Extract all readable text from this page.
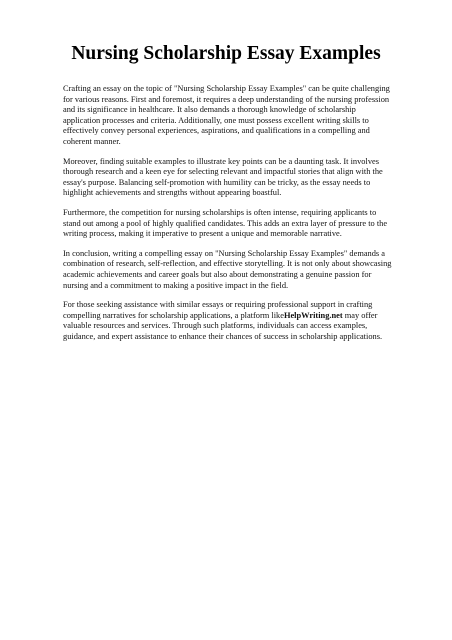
Nursing Scholarship Essay Examples

Crafting an essay on the topic of "Nursing Scholarship Essay Examples" can be quite challenging for various reasons. First and foremost, it requires a deep understanding of the nursing profession and its significance in healthcare. It also demands a thorough knowledge of scholarship application processes and criteria. Additionally, one must possess excellent writing skills to effectively convey personal experiences, aspirations, and qualifications in a compelling and coherent manner.

Moreover, finding suitable examples to illustrate key points can be a daunting task. It involves thorough research and a keen eye for selecting relevant and impactful stories that align with the essay's purpose. Balancing self-promotion with humility can be tricky, as the essay needs to highlight achievements and strengths without appearing boastful.

Furthermore, the competition for nursing scholarships is often intense, requiring applicants to stand out among a pool of highly qualified candidates. This adds an extra layer of pressure to the writing process, making it imperative to present a unique and memorable narrative.

In conclusion, writing a compelling essay on "Nursing Scholarship Essay Examples" demands a combination of research, self-reflection, and effective storytelling. It is not only about showcasing academic achievements and career goals but also about demonstrating a genuine passion for nursing and a commitment to making a positive impact in the field.

For those seeking assistance with similar essays or requiring professional support in crafting compelling narratives for scholarship applications, a platform likeHelpWriting.net may offer valuable resources and services. Through such platforms, individuals can access examples, guidance, and expert assistance to enhance their chances of success in scholarship applications.
